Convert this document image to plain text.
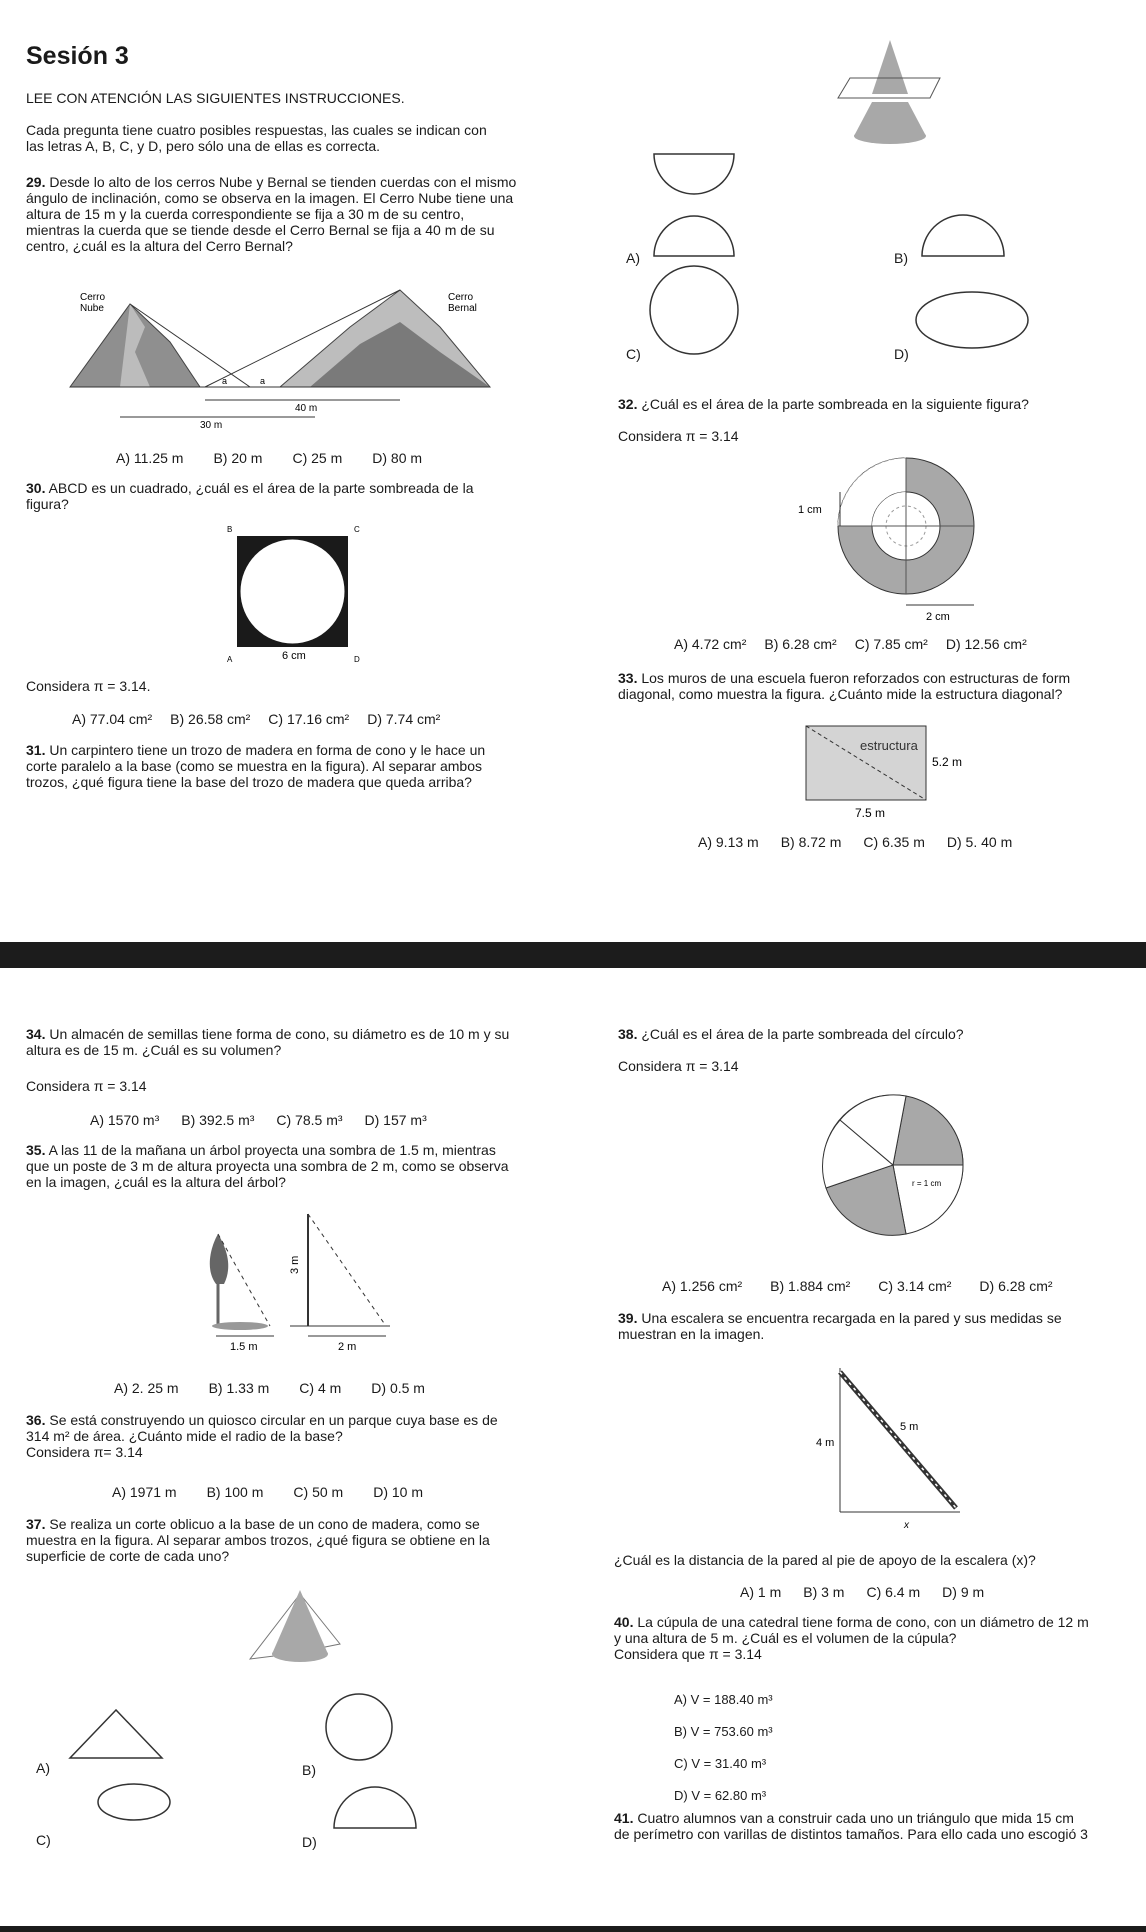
Sesión 3
LEE CON ATENCIÓN LAS SIGUIENTES INSTRUCCIONES.
Cada pregunta tiene cuatro posibles respuestas, las cuales se indican con
las letras A, B, C, y D, pero sólo una de ellas es correcta.

29. Desde lo alto de los cerros Nube y Bernal se tienden cuerdas con el mismo

ángulo de inclinación, como se observa en la imagen. El Cerro Nube tiene una

altura de 15 m y la cuerda correspondiente se fija a 30 m de su centro,

mientras la cuerda que se tiende desde el Cerro Bernal se fija a 40 m de su

centro, ¿cuál es la altura del Cerro Bernal?

Cerro
Nube
Cerro
Bernal
a	a
40 m
30 m
A) 11.25 m B) 20 m C) 25 m D) 80 m

30. ABCD es un cuadrado, ¿cuál es el área de la parte sombreada de la

figura?

B	C
A	6 cm	D
Considera π = 3.14.
A) 77.04 cm² B) 26.58 cm² C) 17.16 cm² D) 7.74 cm²

31. Un carpintero tiene un trozo de madera en forma de cono y le hace un

corte paralelo a la base (como se muestra en la figura). Al separar ambos

trozos, ¿qué figura tiene la base del trozo de madera que queda arriba?

A)	B)
C)	D)
32. ¿Cuál es el área de la parte sombreada en la siguiente figura?
Considera π = 3.14
1 cm
2 cm
A) 4.72 cm² B) 6.28 cm² C) 7.85 cm² D) 12.56 cm²

33. Los muros de una escuela fueron reforzados con estructuras de form

diagonal, como muestra la figura. ¿Cuánto mide la estructura diagonal?

estructura
5.2 m
7.5 m
A) 9.13 m B) 8.72 m C) 6.35 m D) 5. 40 m

34. Un almacén de semillas tiene forma de cono, su diámetro es de 10 m y su

altura es de 15 m. ¿Cuál es su volumen?

Considera π = 3.14
A) 1570 m³ B) 392.5 m³ C) 78.5 m³ D) 157 m³

35. A las 11 de la mañana un árbol proyecta una sombra de 1.5 m, mientras

que un poste de 3 m de altura proyecta una sombra de 2 m, como se observa

en la imagen, ¿cuál es la altura del árbol?

3 m
1.5 m	2 m
A) 2. 25 m B) 1.33 m C) 4 m D) 0.5 m

36. Se está construyendo un quiosco circular en un parque cuya base es de

314 m² de área. ¿Cuánto mide el radio de la base?

Considera π= 3.14

A) 1971 m B) 100 m C) 50 m D) 10 m

37. Se realiza un corte oblicuo a la base de un cono de madera, como se

muestra en la figura. Al separar ambos trozos, ¿qué figura se obtiene en la

superficie de corte de cada uno?

A)	B)
C)	D)
38. ¿Cuál es el área de la parte sombreada del círculo?
Considera π = 3.14
r = 1 cm
A) 1.256 cm² B) 1.884 cm² C) 3.14 cm² D) 6.28 cm²

39. Una escalera se encuentra recargada en la pared y sus medidas se

muestran en la imagen.

4 m
5 m
x
¿Cuál es la distancia de la pared al pie de apoyo de la escalera (x)?
A) 1 m B) 3 m C) 6.4 m D) 9 m

40. La cúpula de una catedral tiene forma de cono, con un diámetro de 12 m

y una altura de 5 m. ¿Cuál es el volumen de la cúpula?

Considera que π = 3.14

A) V = 188.40 m³

B) V = 753.60 m³

C) V = 31.40 m³

D) V = 62.80 m³

41. Cuatro alumnos van a construir cada uno un triángulo que mida 15 cm

de perímetro con varillas de distintos tamaños. Para ello cada uno escogió 3
